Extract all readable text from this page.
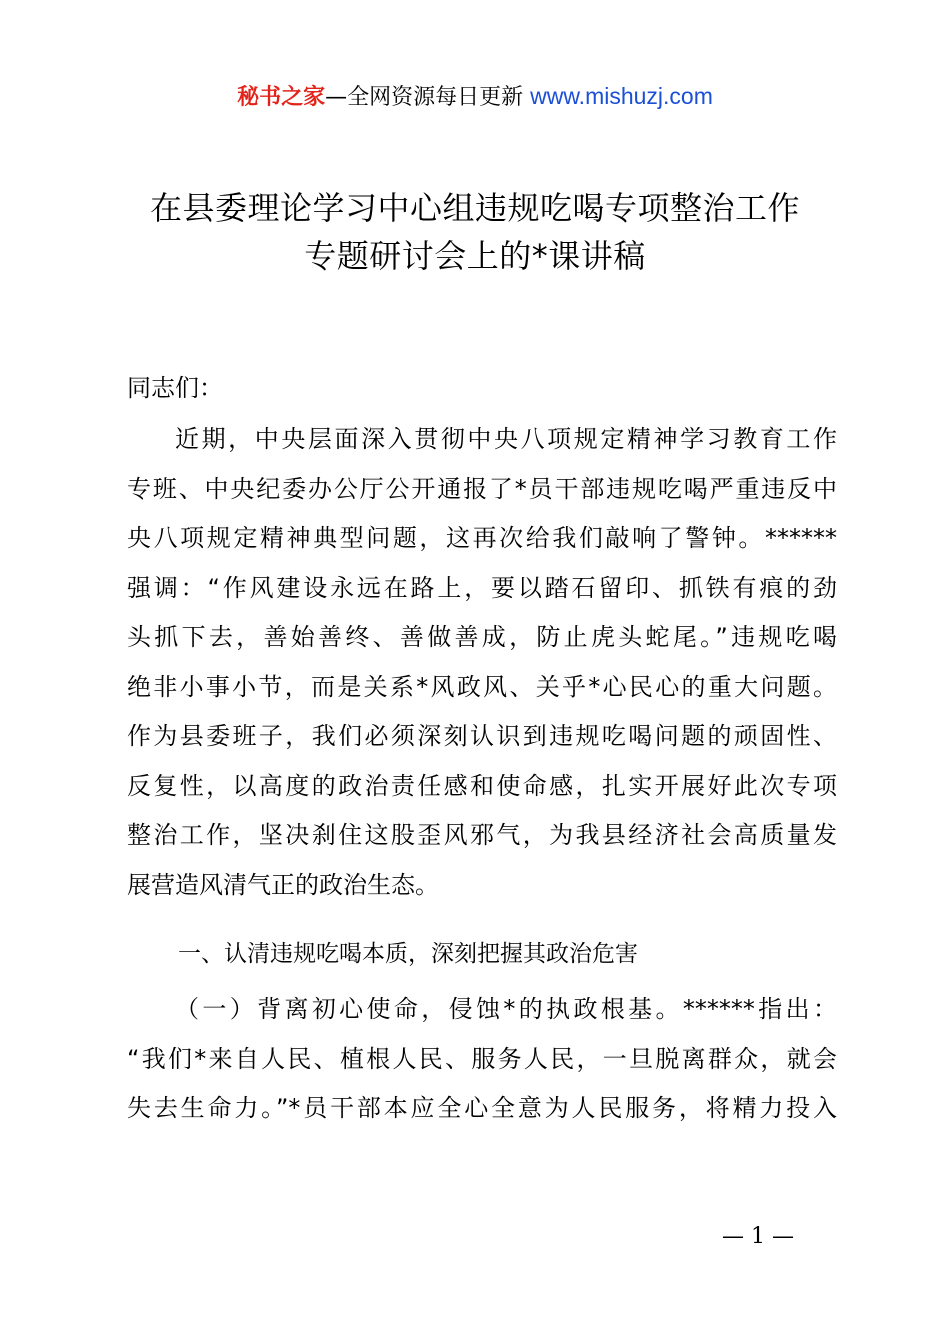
秘书之家—全网资源每日更新 www.mishuzj.com
在县委理论学习中心组违规吃喝专项整治工作
专题研讨会上的*课讲稿
同志们：
近期，中央层面深入贯彻中央八项规定精神学习教育工作
专班、中央纪委办公厅公开通报了*员干部违规吃喝严重违反中
央八项规定精神典型问题，这再次给我们敲响了警钟。******
强调：“作风建设永远在路上，要以踏石留印、抓铁有痕的劲
头抓下去，善始善终、善做善成，防止虎头蛇尾。”违规吃喝
绝非小事小节，而是关系*风政风、关乎*心民心的重大问题。
作为县委班子，我们必须深刻认识到违规吃喝问题的顽固性、
反复性，以高度的政治责任感和使命感，扎实开展好此次专项
整治工作，坚决刹住这股歪风邪气，为我县经济社会高质量发
展营造风清气正的政治生态。
一、认清违规吃喝本质，深刻把握其政治危害
（一）背离初心使命，侵蚀*的执政根基。******指出：
“我们*来自人民、植根人民、服务人民，一旦脱离群众，就会
失去生命力。”*员干部本应全心全意为人民服务，将精力投入
— 1 —
